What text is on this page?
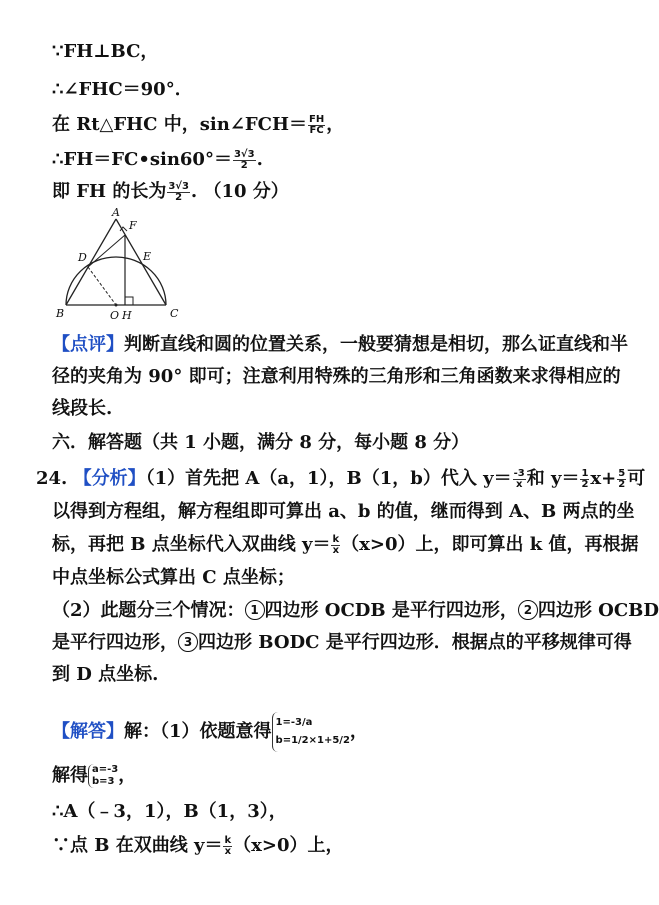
∵FH⊥BC，
∴∠FHC＝90°．
在 Rt△FHC 中，sin∠FCH＝ $\frac{FH}{FC}$ ，
∴FH＝FC•sin60°＝ $\frac{3√3}{2}$ .
即 FH 的长为 $\frac{3√3}{2}$ . （10 分）
A
F
D	E
B	O H	C
【点评】判断直线和圆的位置关系，一般要猜想是相切，那么证直线和半
径的夹角为 90° 即可；注意利用特殊的三角形和三角函数来求得相应的
线段长.
六．解答题（共 1 小题，满分 8 分，每小题 8 分）
24. 【分析】（1）首先把 A（a，1），B（1，b）代入 $y= \frac{-3}{x}$ 和 $y= \frac{1}{2} x+ \frac{5}{2}$ 可
以得到方程组，解方程组即可算出 a、b 的值，继而得到 A、B 两点的坐
标，再把 B 点坐标代入双曲线 $y= \frac{k}{x} (x>0)$上，即可算出 k 值，再根据
中点坐标公式算出 C 点坐标；
（2）此题分三个情况： 1 四边形 OCDB 是平行四边形， 2 四边形 OCBD
是平行四边形， 3 四边形 BODC 是平行四边形．根据点的平移规律可得
到 D 点坐标.
【解答】解：（1）依题意得 1=-3/a
b=1/2×1+5/2 ，
解得 a=-3
b=3 ，
∴A（﹣3，1），B（1，3），
∵点 B 在双曲线 $y= \frac{k}{x} (x>0)$上，
